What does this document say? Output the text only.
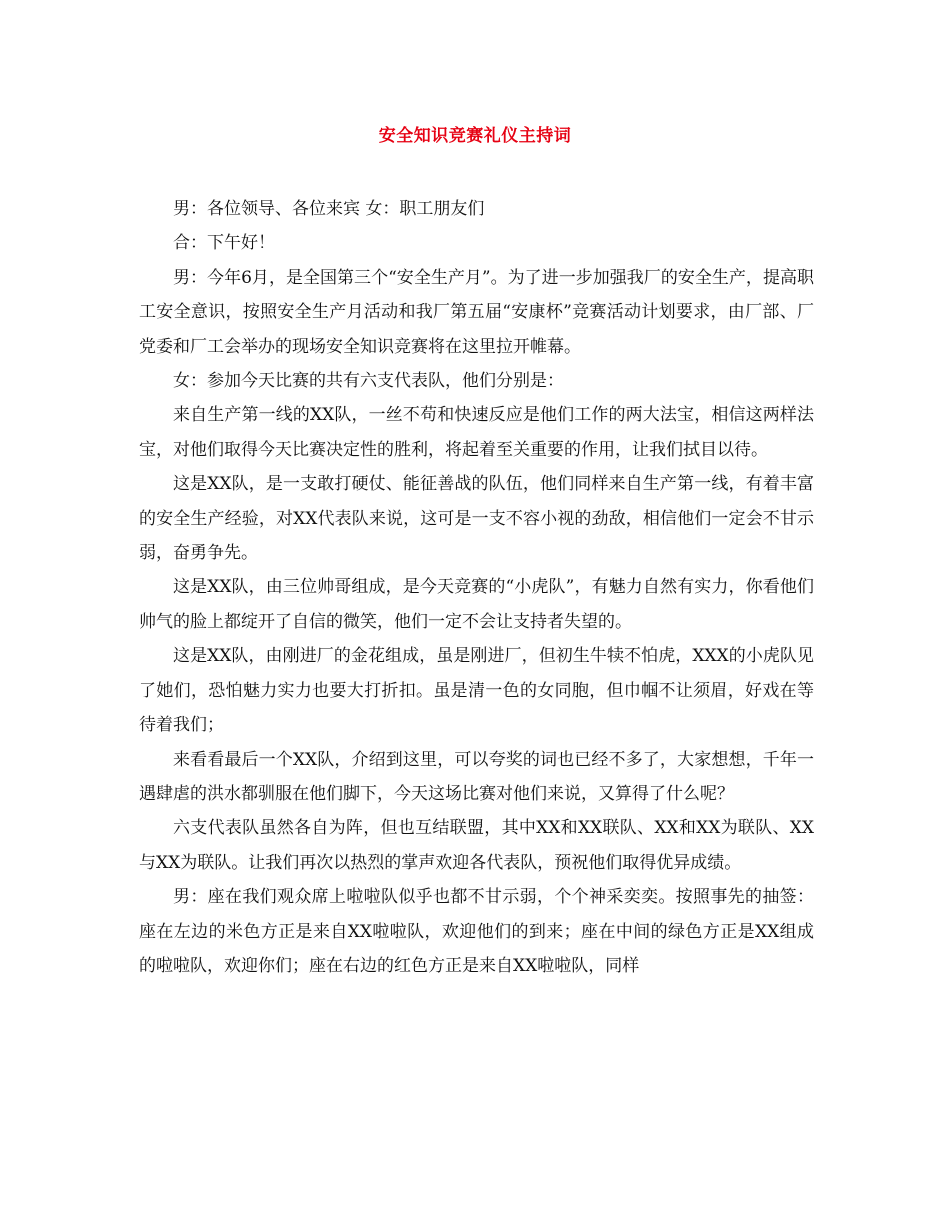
安全知识竞赛礼仪主持词

男：各位领导、各位来宾 女：职工朋友们

合：下午好！

男：今年6月，是全国第三个“安全生产月”。为了进一步加强我厂的安全生产，提高职工安全意识，按照安全生产月活动和我厂第五届“安康杯”竞赛活动计划要求，由厂部、厂党委和厂工会举办的现场安全知识竞赛将在这里拉开帷幕。

女：参加今天比赛的共有六支代表队，他们分别是：

来自生产第一线的XX队，一丝不苟和快速反应是他们工作的两大法宝，相信这两样法宝，对他们取得今天比赛决定性的胜利，将起着至关重要的作用，让我们拭目以待。

这是XX队，是一支敢打硬仗、能征善战的队伍，他们同样来自生产第一线，有着丰富的安全生产经验，对XX代表队来说，这可是一支不容小视的劲敌，相信他们一定会不甘示弱，奋勇争先。

这是XX队，由三位帅哥组成，是今天竞赛的“小虎队”，有魅力自然有实力，你看他们帅气的脸上都绽开了自信的微笑，他们一定不会让支持者失望的。

这是XX队，由刚进厂的金花组成，虽是刚进厂，但初生牛犊不怕虎，XXX的小虎队见了她们，恐怕魅力实力也要大打折扣。虽是清一色的女同胞，但巾帼不让须眉，好戏在等待着我们；

来看看最后一个XX队，介绍到这里，可以夸奖的词也已经不多了，大家想想，千年一遇肆虐的洪水都驯服在他们脚下，今天这场比赛对他们来说，又算得了什么呢？

六支代表队虽然各自为阵，但也互结联盟，其中XX和XX联队、XX和XX为联队、XX与XX为联队。让我们再次以热烈的掌声欢迎各代表队，预祝他们取得优异成绩。

男：座在我们观众席上啦啦队似乎也都不甘示弱，个个神采奕奕。按照事先的抽签：座在左边的米色方正是来自XX啦啦队，欢迎他们的到来；座在中间的绿色方正是XX组成的啦啦队，欢迎你们；座在右边的红色方正是来自XX啦啦队，同样
